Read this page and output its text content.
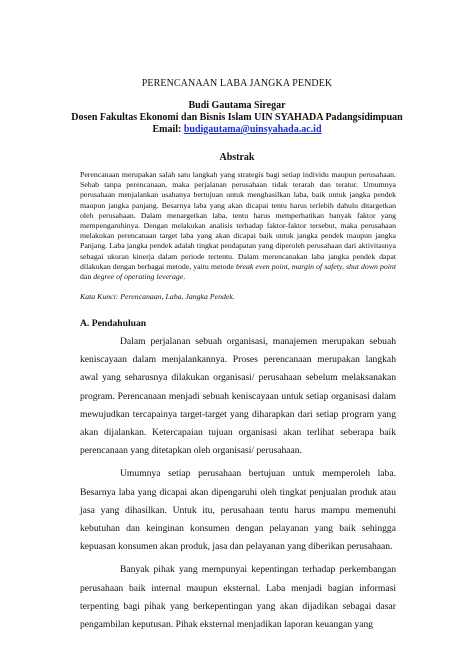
PERENCANAAN LABA JANGKA PENDEK
Budi Gautama Siregar
Dosen Fakultas Ekonomi dan Bisnis Islam UIN SYAHADA Padangsidimpuan
Email: budigautama@uinsyahada.ac.id
Abstrak
Perencanaan merupakan salah satu langkah yang strategis bagi setiap individu maupun perusahaan. Sebab tanpa perencanaan, maka perjalanan perusahaan tidak terarah dan teratur. Umumnya perusahaan menjalankan usahanya bertujuan untuk menghasilkan laba, baik untuk jangka pendek maupun jangka panjang. Besarnya laba yang akan dicapai tentu harus terlebih dahulu ditargetkan oleh perusahaan. Dalam menargetkan laba, tentu harus memperhatikan banyak faktor yang mempengaruhinya. Dengan melakukan analisis terhadap faktor-faktor tersebut, maka perusahaan melakukan perencanaan target laba yang akan dicapai baik untuk jangka pendek maupun jangka Panjang. Laba jangka pendek adalah tingkat pendapatan yang diperoleh perusahaan dari aktivitasnya sebagai ukuran kinerja dalam periode tertentu. Dalam merencanakan laba jangka pendek dapat dilakukan dengan berbagai metode, yaitu metode break even point, margin of safety, shut down point dan degree of operating leverage.
Kata Kunci: Perencanaan, Laba, Jangka Pendek.
A. Pendahuluan

Dalam perjalanan sebuah organisasi, manajemen merupakan sebuah keniscayaan dalam menjalankannya. Proses perencanaan merupakan langkah awal yang seharusnya dilakukan organisasi/ perusahaan sebelum melaksanakan program. Perencanaan menjadi sebuah keniscayaan untuk setiap organisasi dalam mewujudkan tercapainya target-target yang diharapkan dari setiap program yang akan dijalankan. Ketercapaian tujuan organisasi akan terlihat seberapa baik perencanaan yang ditetapkan oleh organisasi/ perusahaan.

Umumnya setiap perusahaan bertujuan untuk memperoleh laba. Besarnya laba yang dicapai akan dipengaruhi oleh tingkat penjualan produk atau jasa yang dihasilkan. Untuk itu, perusahaan tentu harus mampu memenuhi kebutuhan dan keinginan konsumen dengan pelayanan yang baik sehingga kepuasan konsumen akan produk, jasa dan pelayanan yang diberikan perusahaan.

Banyak pihak yang mempunyai kepentingan terhadap perkembangan perusahaan baik internal maupun eksternal. Laba menjadi bagian informasi terpenting bagi pihak yang berkepentingan yang akan dijadikan sebagai dasar pengambilan keputusan. Pihak eksternal menjadikan laporan keuangan yang
